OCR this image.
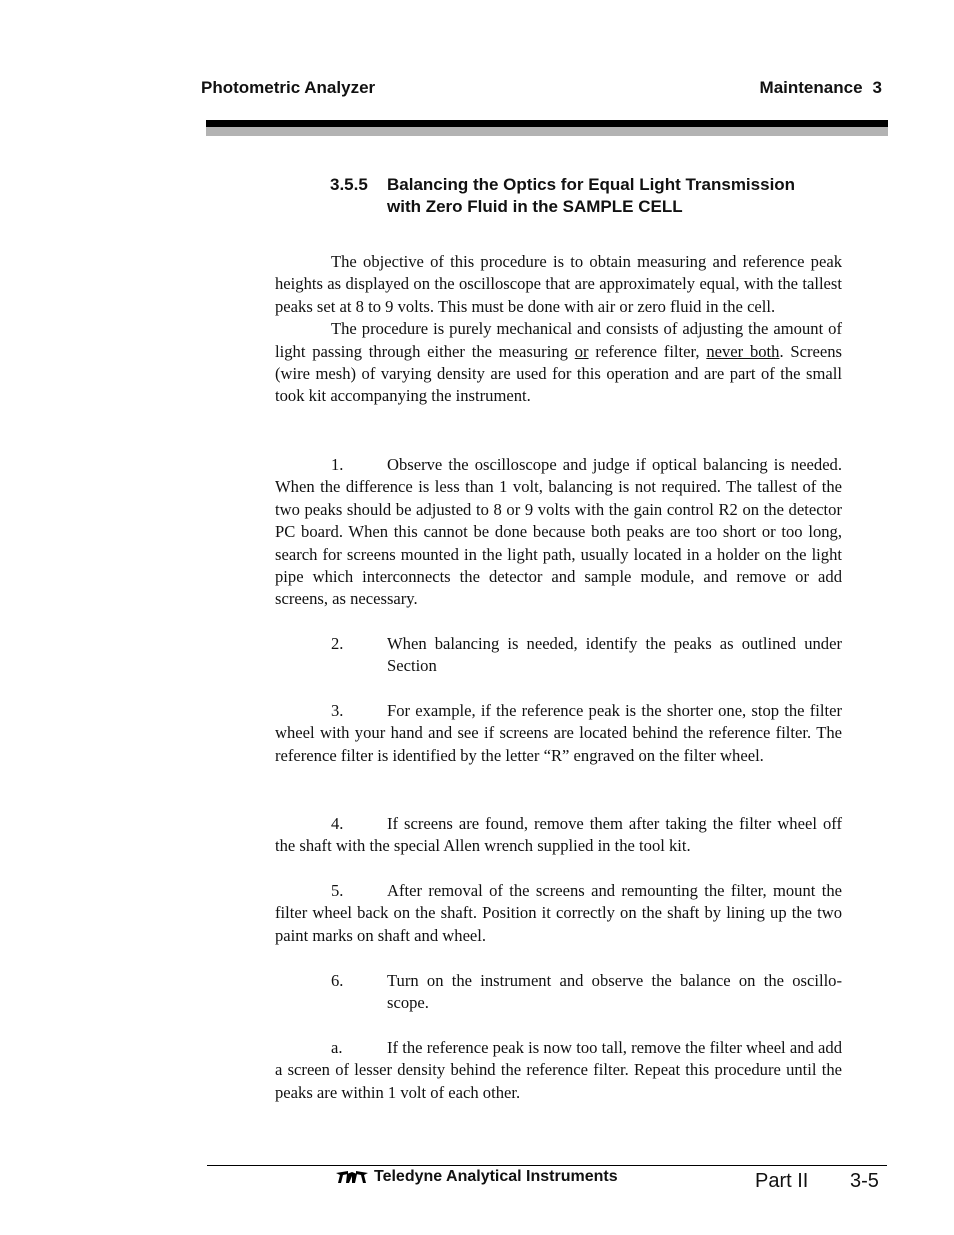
Photometric Analyzer	Maintenance 3
3.5.5 Balancing the Optics for Equal Light Transmission
with Zero Fluid in the SAMPLE CELL

The objective of this procedure is to obtain measuring and reference peak heights as displayed on the oscilloscope that are approximately equal, with the tallest peaks set at 8 to 9 volts. This must be done with air or zero fluid in the cell.

The procedure is purely mechanical and consists of adjusting the amount of light passing through either the measuring or reference filter, never both. Screens (wire mesh) of varying density are used for this operation and are part of the small took kit accompanying the instrument.

1.	Observe the oscilloscope and judge if optical balancing is needed. When the difference is less than 1 volt, balancing is not required. The tallest of the two peaks should be adjusted to 8 or 9 volts with the gain control R2 on the detector PC board. When this cannot be done because both peaks are too short or too long, search for screens mounted in the light path, usually located in a holder on the light pipe which interconnects the detector and sample module, and remove or add screens, as necessary.

2.	When balancing is needed, identify the peaks as outlined under Section

3.	For example, if the reference peak is the shorter one, stop the filter wheel with your hand and see if screens are located behind the reference filter. The reference filter is identified by the letter “R” engraved on the filter wheel.

4.	If screens are found, remove them after taking the filter wheel off the shaft with the special Allen wrench supplied in the tool kit.

5.	After removal of the screens and remounting the filter, mount the filter wheel back on the shaft. Position it correctly on the shaft by lining up the two paint marks on shaft and wheel.

6.	Turn on the instrument and observe the balance on the oscillo-scope.

a.	If the reference peak is now too tall, remove the filter wheel and add a screen of lesser density behind the reference filter. Repeat this procedure until the peaks are within 1 volt of each other.

Teledyne Analytical Instruments	Part II 3-5
